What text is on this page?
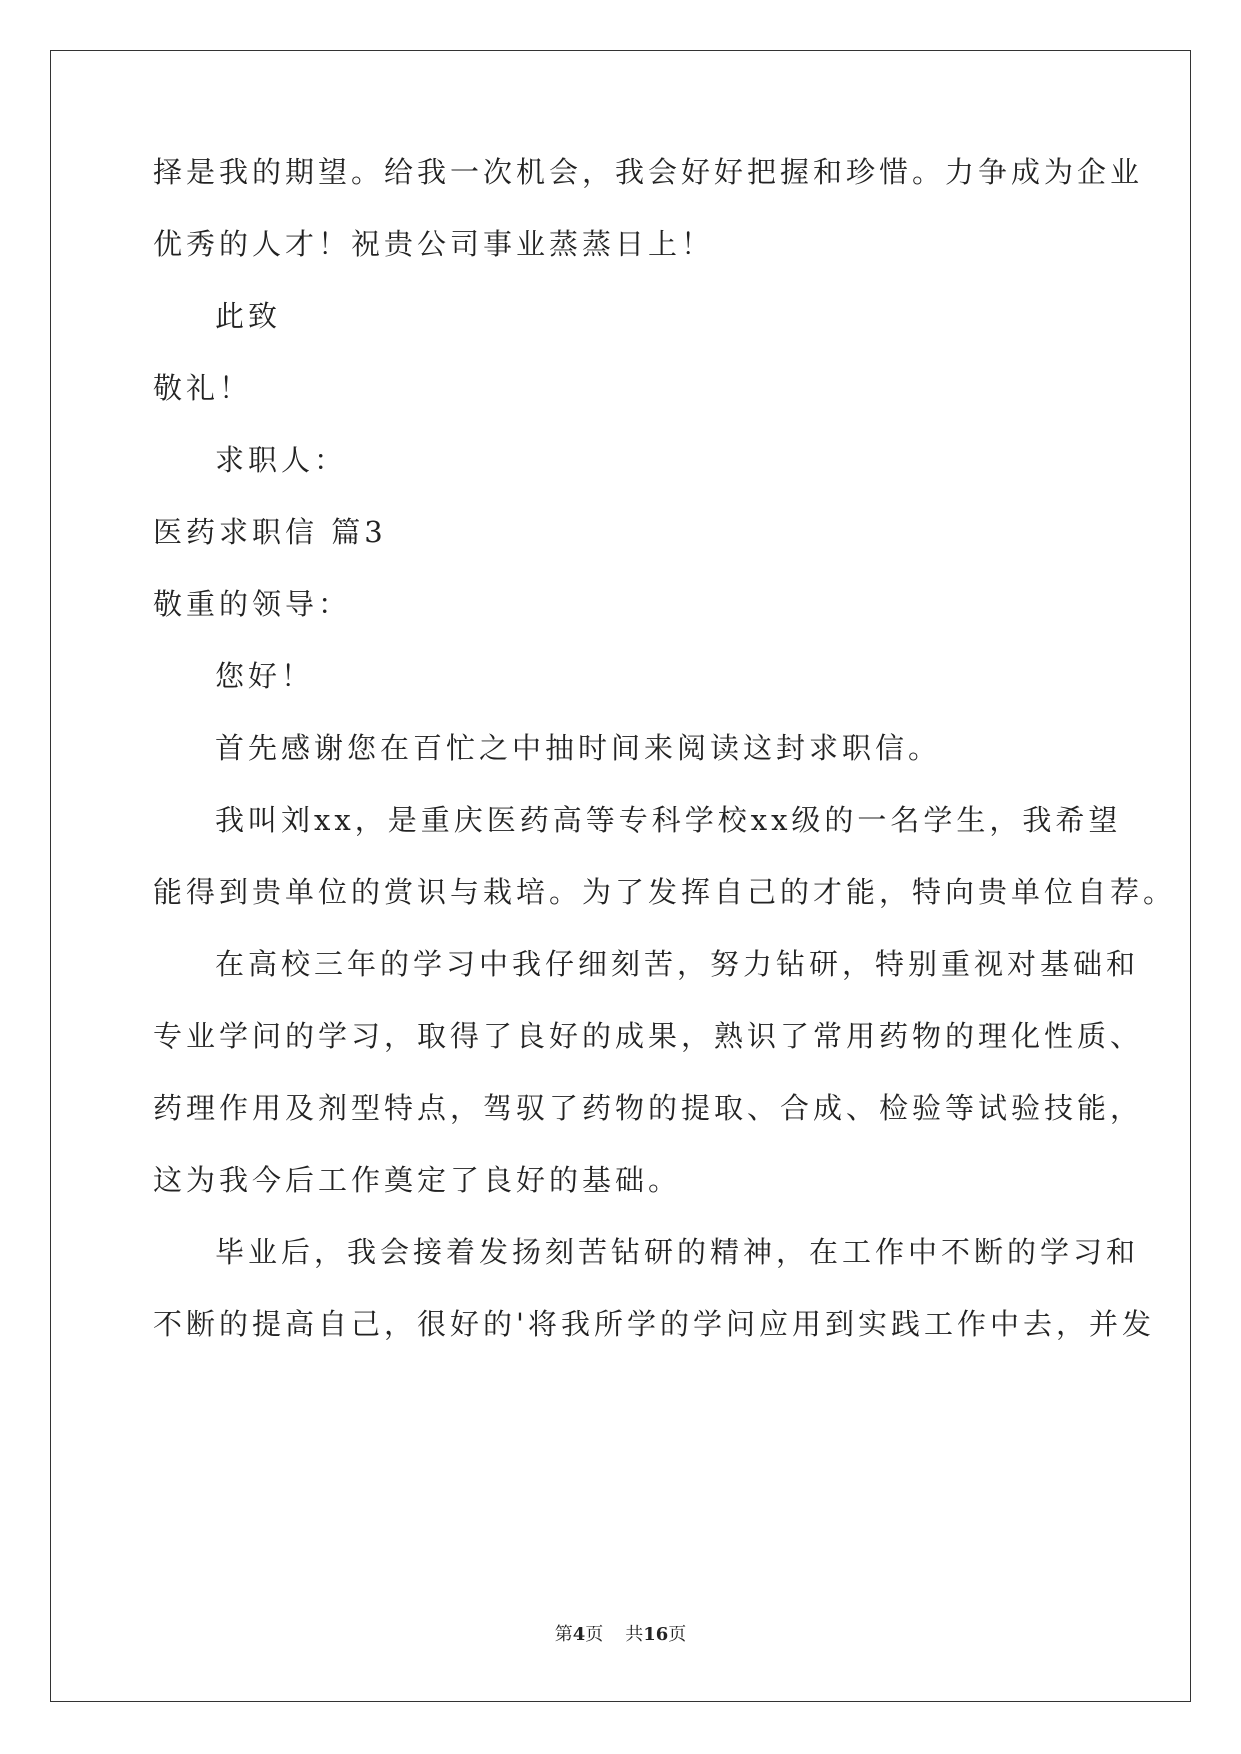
择是我的期望。给我一次机会，我会好好把握和珍惜。力争成为企业
优秀的人才！祝贵公司事业蒸蒸日上！
此致
敬礼！
求职人：
医药求职信 篇3
敬重的领导：
您好！
首先感谢您在百忙之中抽时间来阅读这封求职信。
我叫刘xx，是重庆医药高等专科学校xx级的一名学生，我希望
能得到贵单位的赏识与栽培。为了发挥自己的才能，特向贵单位自荐。
在高校三年的学习中我仔细刻苦，努力钻研，特别重视对基础和
专业学问的学习，取得了良好的成果，熟识了常用药物的理化性质、
药理作用及剂型特点，驾驭了药物的提取、合成、检验等试验技能，
这为我今后工作奠定了良好的基础。
毕业后，我会接着发扬刻苦钻研的精神，在工作中不断的学习和
不断的提高自己，很好的'将我所学的学问应用到实践工作中去，并发
第4页 共16页
